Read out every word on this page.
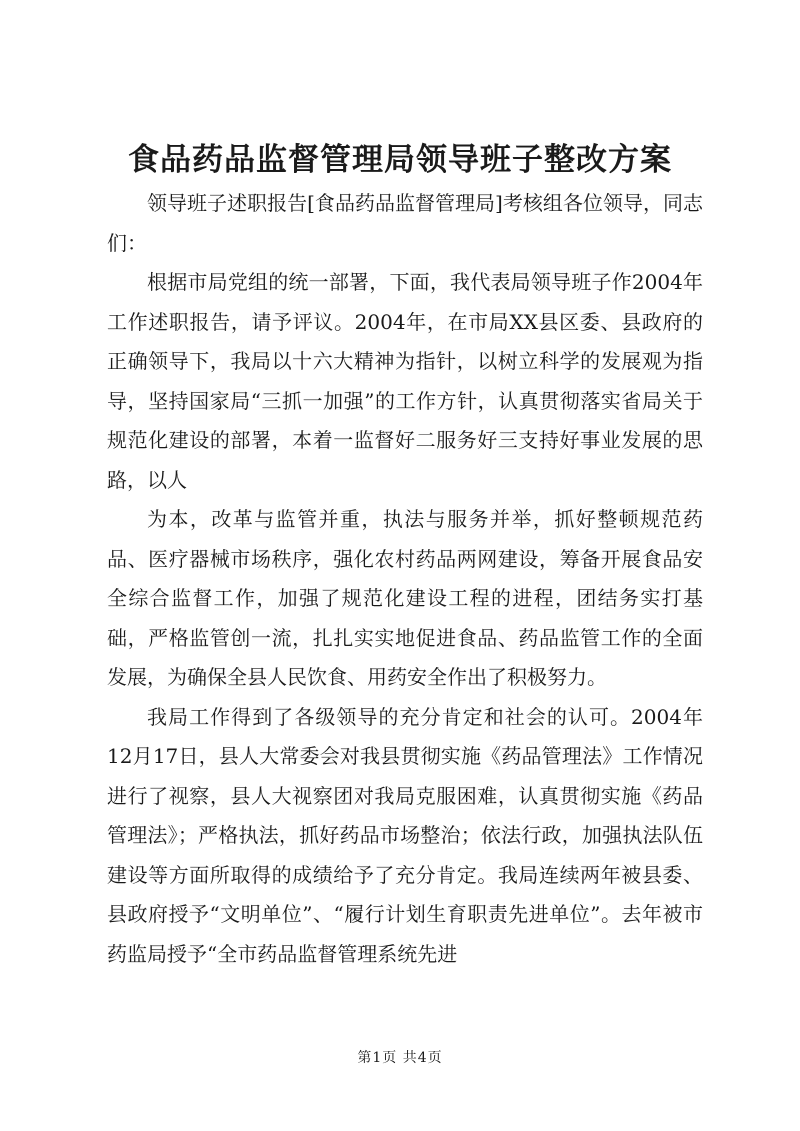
食品药品监督管理局领导班子整改方案

领导班子述职报告[食品药品监督管理局]考核组各位领导，同志们：

根据市局党组的统一部署，下面，我代表局领导班子作2004年工作述职报告，请予评议。2004年，在市局XX县区委、县政府的正确领导下，我局以十六大精神为指针，以树立科学的发展观为指导，坚持国家局“三抓一加强”的工作方针，认真贯彻落实省局关于规范化建设的部署，本着一监督好二服务好三支持好事业发展的思路，以人

为本，改革与监管并重，执法与服务并举，抓好整顿规范药品、医疗器械市场秩序，强化农村药品两网建设，筹备开展食品安全综合监督工作，加强了规范化建设工程的进程，团结务实打基础，严格监管创一流，扎扎实实地促进食品、药品监管工作的全面发展，为确保全县人民饮食、用药安全作出了积极努力。

我局工作得到了各级领导的充分肯定和社会的认可。2004年12月17日，县人大常委会对我县贯彻实施《药品管理法》工作情况进行了视察，县人大视察团对我局克服困难，认真贯彻实施《药品管理法》；严格执法，抓好药品市场整治；依法行政，加强执法队伍建设等方面所取得的成绩给予了充分肯定。我局连续两年被县委、县政府授予“文明单位”、“履行计划生育职责先进单位”。去年被市药监局授予“全市药品监督管理系统先进

第1页 共4页
